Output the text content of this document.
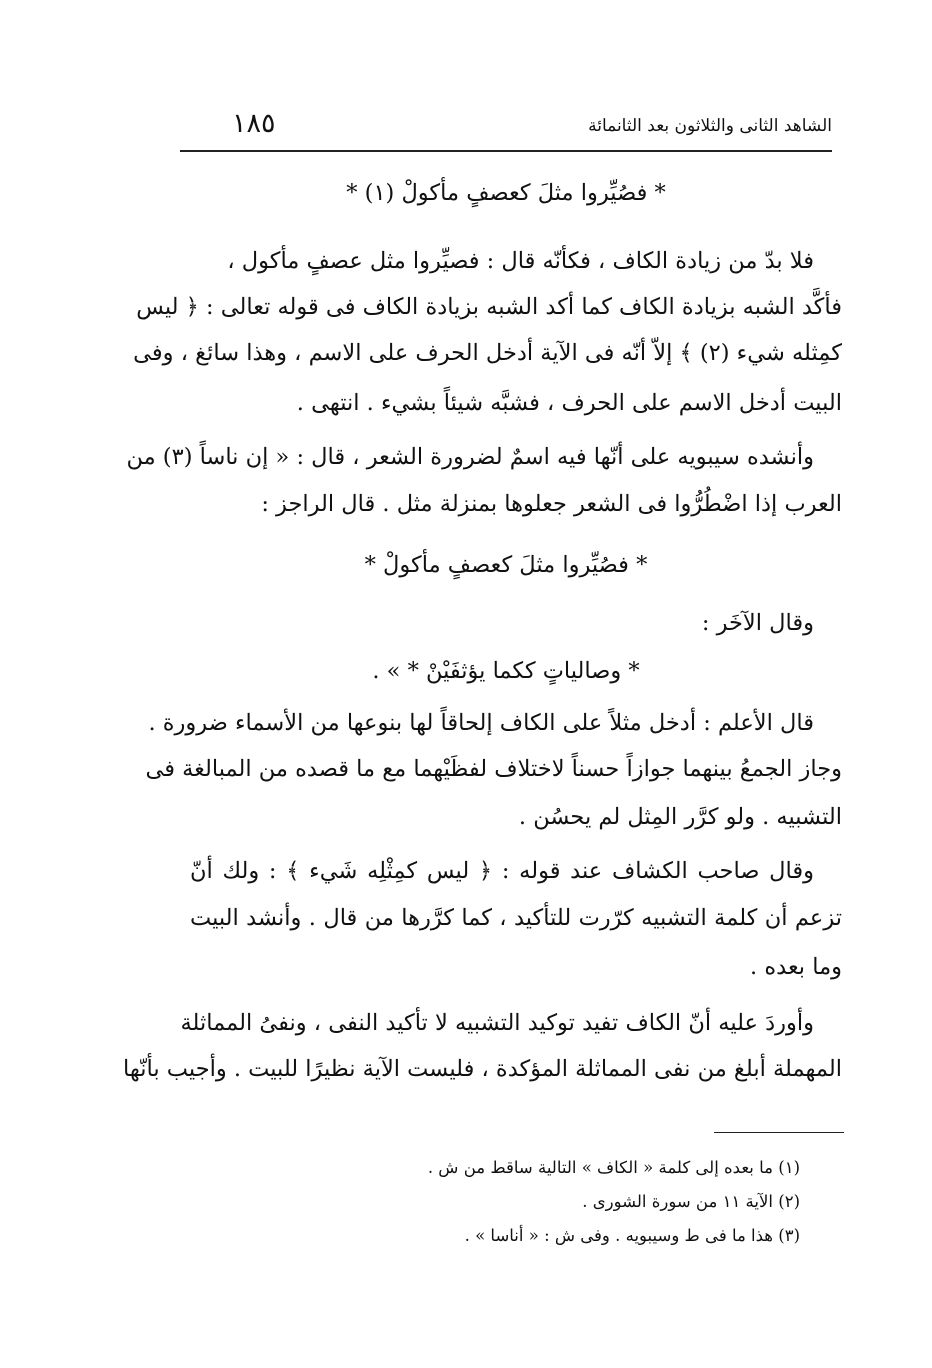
الشاهد الثانى والثلاثون بعد الثانمائة
١٨٥
* فصُيِّروا مثلَ كعصفٍ مأكولْ (١) *
فلا بدّ من زيادة الكاف ، فكأنّه قال : فصيِّروا مثل عصفٍ مأكول ،
فأكَّد الشبه بزيادة الكاف كما أكد الشبه بزيادة الكاف فى قوله تعالى : ﴿ ليس
كمِثله شيء (٢) ﴾ إلاّ أنّه فى الآية أدخل الحرف على الاسم ، وهذا سائغ ، وفى
البيت أدخل الاسم على الحرف ، فشبَّه شيئاً بشيء . انتهى .
وأنشده سيبويه على أنّها فيه اسمٌ لضرورة الشعر ، قال : « إن ناساً (٣) من
العرب إذا اضْطُرُّوا فى الشعر جعلوها بمنزلة مثل . قال الراجز :
* فصُيِّروا مثلَ كعصفٍ مأكولْ *
وقال الآخَر :
* وصالياتٍ ككما يؤثفَيْنْ * » .
قال الأعلم : أدخل مثلاً على الكاف إلحاقاً لها بنوعها من الأسماء ضرورة .
وجاز الجمعُ بينهما جوازاً حسناً لاختلاف لفظَيْهما مع ما قصده من المبالغة فى
التشبيه . ولو كرَّر المِثل لم يحسُن .
وقال صاحب الكشاف عند قوله : ﴿ ليس كمِثْلِه شَيء ﴾ : ولك أنّ
تزعم أن كلمة التشبيه كرّرت للتأكيد ، كما كرَّرها من قال . وأنشد البيت
وما بعده .
وأوردَ عليه أنّ الكاف تفيد توكيد التشبيه لا تأكيد النفى ، ونفىُ المماثلة
المهملة أبلغ من نفى المماثلة المؤكدة ، فليست الآية نظيرًا للبيت . وأجيب بأنّها
(١) ما بعده إلى كلمة « الكاف » التالية ساقط من ش .
(٢) الآية ١١ من سورة الشورى .
(٣) هذا ما فى ط وسيبويه . وفى ش : « أناسا » .
